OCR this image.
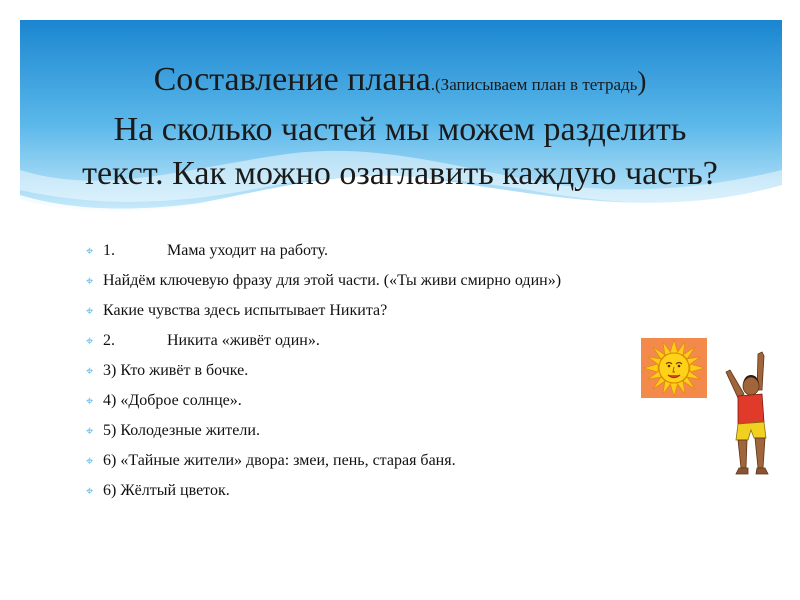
Составление плана.(Записываем план в тетрадь)
На сколько частей мы можем разделить
текст. Как можно озаглавить каждую часть?
⌖ 1.	Мама уходит на работу.
⌖ Найдём ключевую фразу для этой части. («Ты живи смирно один»)
⌖ Какие чувства здесь испытывает Никита?
⌖ 2.	Никита «живёт один».
⌖ 3) Кто живёт в бочке.
⌖ 4) «Доброе солнце».
⌖ 5) Колодезные жители.
⌖ 6) «Тайные жители» двора: змеи, пень, старая баня.
⌖ 6) Жёлтый цветок.
